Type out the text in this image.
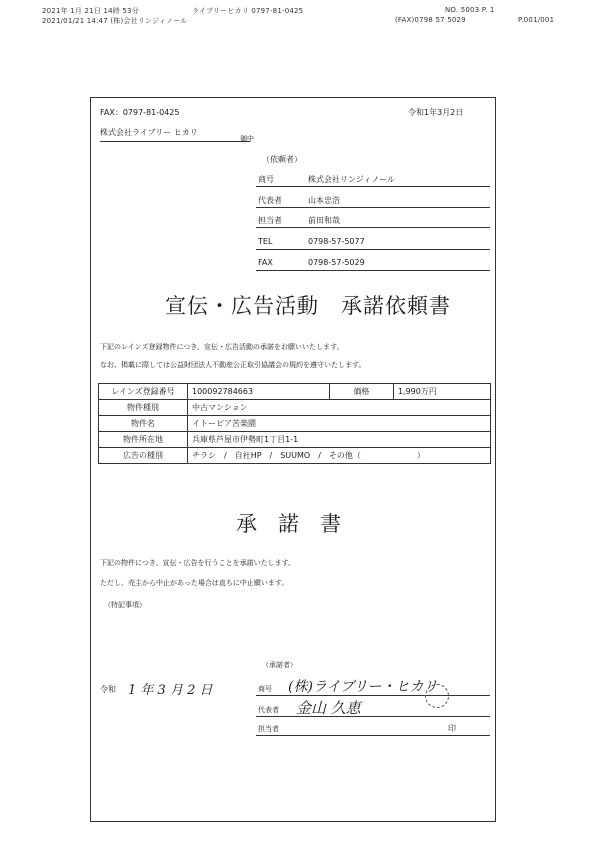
2021年 1月 21日 14時 53分	ライブリーヒカリ 0797-81-0425	NO. 5003 P. 1
2021/01/21 14:47 (株)会社リンジィノール	(FAX)0798 57 5029	P.001/001
FAX：0797-81-0425	令和1年3月2日
株式会社ライブリー ヒカリ
御中
（依頼者）
商号	株式会社リンジィノール
代表者	山本忠浩
担当者	前田和哉
TEL	0798-57-5077
FAX	0798-57-5029
宣伝・広告活動　承諾依頼書
下記のレインズ登録物件につき、宣伝・広告活動の承諾をお願いいたします。
なお、掲載に際しては公益財団法人不動産公正取引協議会の規約を遵守いたします。
レインズ登録番号	100092784663	価格	1,990万円
物件種別	中古マンション		
物件名	イトーピア苦楽園		
物件所在地	兵庫県芦屋市伊勢町1丁目1-1		
広告の種別	チラシ　/　自社HP　/　SUUMO　/　その他（　　　　　　　）		
承　諾　書
下記の物件につき、宣伝・広告を行うことを承諾いたします。
ただし、売主から中止があった場合は直ちに中止願います。
（特記事項）
（承諾者）
令和 1 年 3 月 2 日	商号 (株)ライブリー・ヒカリ
代表者 金山 久恵
担当者	印
